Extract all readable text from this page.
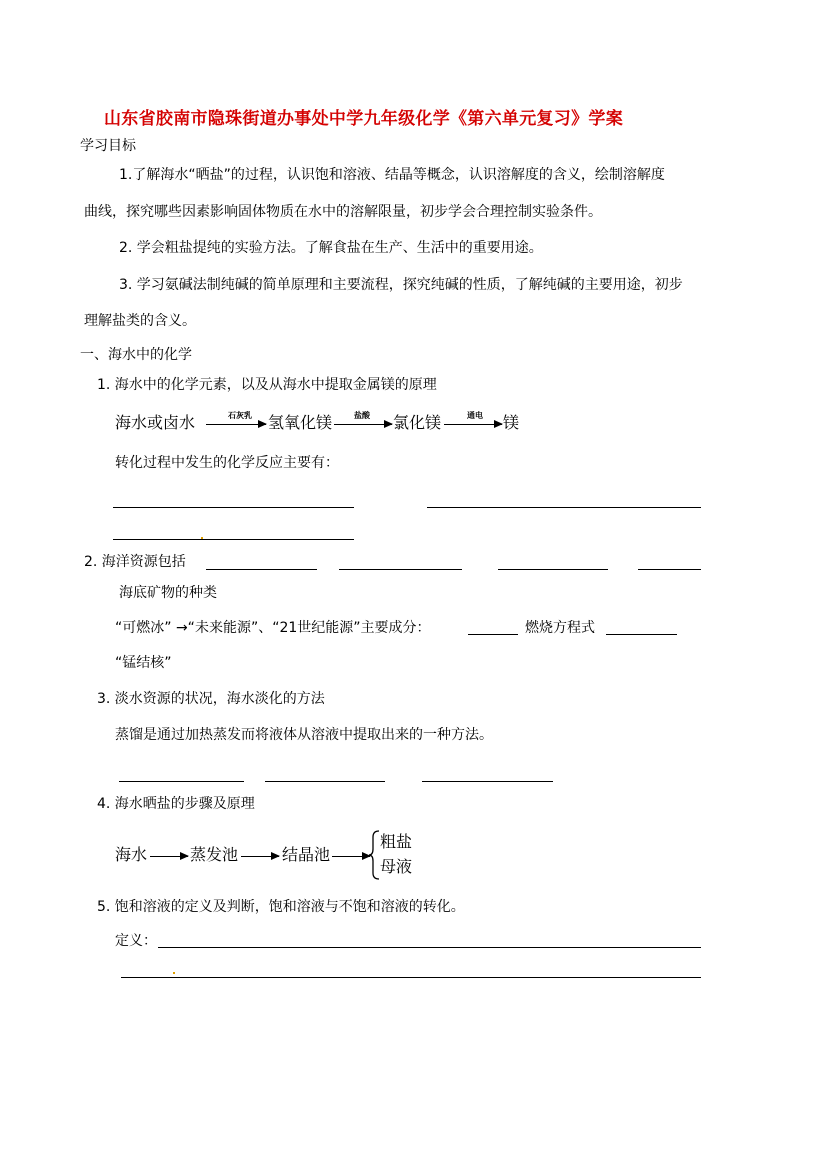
山东省胶南市隐珠街道办事处中学九年级化学《第六单元复习》学案
学习目标
1.了解海水“晒盐”的过程，认识饱和溶液、结晶等概念，认识溶解度的含义，绘制溶解度
曲线，探究哪些因素影响固体物质在水中的溶解限量，初步学会合理控制实验条件。
2. 学会粗盐提纯的实验方法。了解食盐在生产、生活中的重要用途。
3. 学习氨碱法制纯碱的简单原理和主要流程，探究纯碱的性质，了解纯碱的主要用途，初步
理解盐类的含义。
一、海水中的化学
1. 海水中的化学元素，以及从海水中提取金属镁的原理
海水或卤水	石灰乳	氢氧化镁	盐酸	氯化镁	通电	镁
转化过程中发生的化学反应主要有：
2. 海洋资源包括
海底矿物的种类
“可燃冰” →“未来能源”、“21世纪能源”主要成分：	燃烧方程式
“锰结核”
3. 淡水资源的状况，海水淡化的方法
蒸馏是通过加热蒸发而将液体从溶液中提取出来的一种方法。
4. 海水晒盐的步骤及原理
海水	蒸发池	结晶池
粗盐
母液
5. 饱和溶液的定义及判断，饱和溶液与不饱和溶液的转化。
定义：
